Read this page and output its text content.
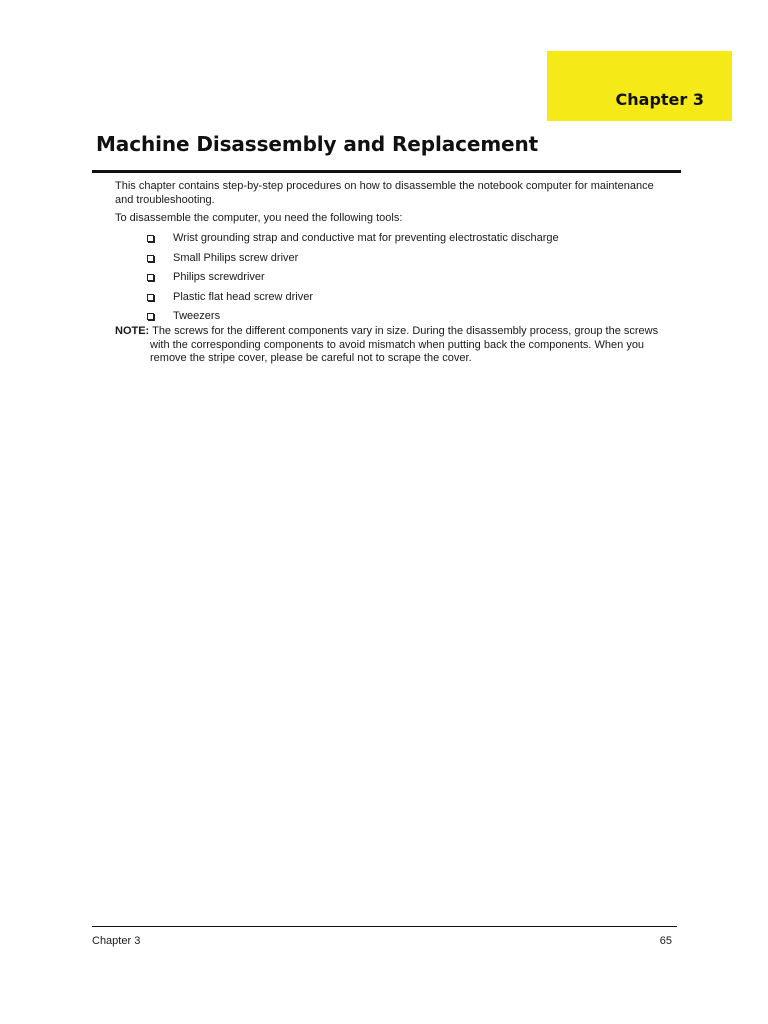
Chapter 3
Machine Disassembly and Replacement

This chapter contains step-by-step procedures on how to disassemble the notebook computer for maintenance and troubleshooting.

To disassemble the computer, you need the following tools:

Wrist grounding strap and conductive mat for preventing electrostatic discharge
Small Philips screw driver
Philips screwdriver
Plastic flat head screw driver
Tweezers

NOTE: The screws for the different components vary in size. During the disassembly process, group the screws with the corresponding components to avoid mismatch when putting back the components. When you remove the stripe cover, please be careful not to scrape the cover.

Chapter 3	65
